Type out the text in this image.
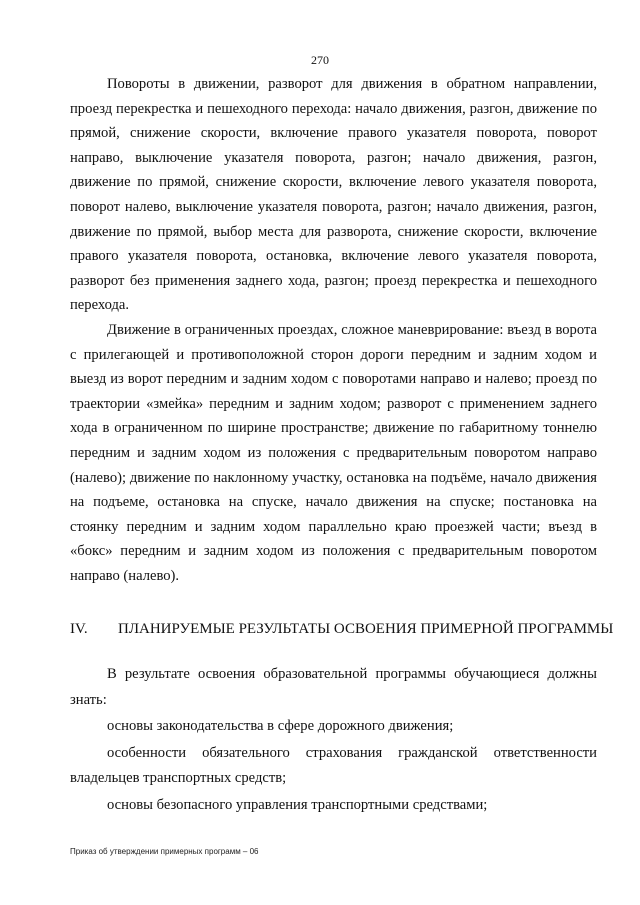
270

Повороты в движении, разворот для движения в обратном направлении, проезд перекрестка и пешеходного перехода: начало движения, разгон, движение по прямой, снижение скорости, включение правого указателя поворота, поворот направо, выключение указателя поворота, разгон; начало движения, разгон, движение по прямой, снижение скорости, включение левого указателя поворота, поворот налево, выключение указателя поворота, разгон; начало движения, разгон, движение по прямой, выбор места для разворота, снижение скорости, включение правого указателя поворота, остановка, включение левого указателя поворота, разворот без применения заднего хода, разгон; проезд перекрестка и пешеходного перехода.

Движение в ограниченных проездах, сложное маневрирование: въезд в ворота с прилегающей и противоположной сторон дороги передним и задним ходом и выезд из ворот передним и задним ходом с поворотами направо и налево; проезд по траектории «змейка» передним и задним ходом; разворот с применением заднего хода в ограниченном по ширине пространстве; движение по габаритному тоннелю передним и задним ходом из положения с предварительным поворотом направо (налево); движение по наклонному участку, остановка на подъёме, начало движения на подъеме, остановка на спуске, начало движения на спуске; постановка на стоянку передним и задним ходом параллельно краю проезжей части; въезд в «бокс» передним и задним ходом из положения с предварительным поворотом направо (налево).

IV. ПЛАНИРУЕМЫЕ РЕЗУЛЬТАТЫ ОСВОЕНИЯ ПРИМЕРНОЙ ПРОГРАММЫ

В результате освоения образовательной программы обучающиеся должны знать:

основы законодательства в сфере дорожного движения;

особенности обязательного страхования гражданской ответственности владельцев транспортных средств;

основы безопасного управления транспортными средствами;

Приказ об утверждении примерных программ – 06
